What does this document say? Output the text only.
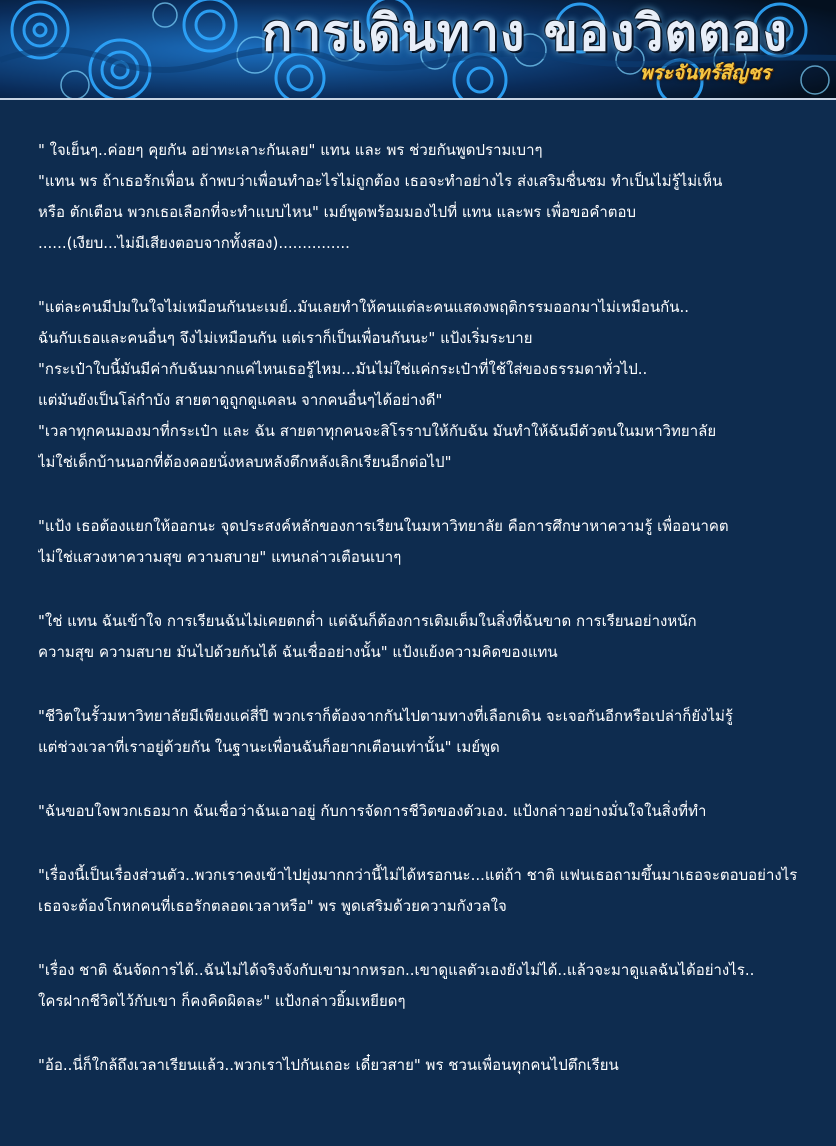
การเดินทาง ของวิตตอง
พระจันทร์สีญชร
" ใจเย็นๆ..ค่อยๆ คุยกัน อย่าทะเลาะกันเลย" แทน และ พร ช่วยกันพูดปรามเบาๆ
"แทน พร ถ้าเธอรักเพื่อน ถ้าพบว่าเพื่อนทำอะไรไม่ถูกต้อง เธอจะทำอย่างไร ส่งเสริมชื่นชม ทำเป็นไม่รู้ไม่เห็น
หรือ ตักเตือน พวกเธอเลือกที่จะทำแบบไหน" เมย์พูดพร้อมมองไปที่ แทน และพร เพื่อขอคำตอบ
......(เงียบ...ไม่มีเสียงตอบจากทั้งสอง)...............
"แต่ละคนมีปมในใจไม่เหมือนกันนะเมย์..มันเลยทำให้คนแต่ละคนแสดงพฤติกรรมออกมาไม่เหมือนกัน..
ฉันกับเธอและคนอื่นๆ จึงไม่เหมือนกัน แต่เราก็เป็นเพื่อนกันนะ" แป้งเริ่มระบาย
"กระเป๋าใบนี้มันมีค่ากับฉันมากแค่ไหนเธอรู้ไหม...มันไม่ใช่แค่กระเป๋าที่ใช้ใส่ของธรรมดาทั่วไป..
แต่มันยังเป็นโล่กำบัง สายตาดูถูกดูแคลน จากคนอื่นๆได้อย่างดี"
"เวลาทุกคนมองมาที่กระเป๋า และ ฉัน สายตาทุกคนจะสิโรราบให้กับฉัน มันทำให้ฉันมีตัวตนในมหาวิทยาลัย
ไม่ใช่เด็กบ้านนอกที่ต้องคอยนั่งหลบหลังตึกหลังเลิกเรียนอีกต่อไป"
"แป้ง เธอต้องแยกให้ออกนะ จุดประสงค์หลักของการเรียนในมหาวิทยาลัย คือการศึกษาหาความรู้ เพื่ออนาคต
ไม่ใช่แสวงหาความสุข ความสบาย" แทนกล่าวเตือนเบาๆ
"ใช่ แทน ฉันเข้าใจ การเรียนฉันไม่เคยตกต่ำ แต่ฉันก็ต้องการเติมเต็มในสิ่งที่ฉันขาด การเรียนอย่างหนัก
ความสุข ความสบาย มันไปด้วยกันได้ ฉันเชื่ออย่างนั้น" แป้งแย้งความคิดของแทน
"ชีวิตในรั้วมหาวิทยาลัยมีเพียงแค่สี่ปี พวกเราก็ต้องจากกันไปตามทางที่เลือกเดิน จะเจอกันอีกหรือเปล่าก็ยังไม่รู้
แต่ช่วงเวลาที่เราอยู่ด้วยกัน ในฐานะเพื่อนฉันก็อยากเตือนเท่านั้น" เมย์พูด
"ฉันขอบใจพวกเธอมาก ฉันเชื่อว่าฉันเอาอยู่ กับการจัดการชีวิตของตัวเอง. แป้งกล่าวอย่างมั่นใจในสิ่งที่ทำ
"เรื่องนี้เป็นเรื่องส่วนตัว..พวกเราคงเข้าไปยุ่งมากกว่านี้ไม่ได้หรอกนะ...แต่ถ้า ชาติ แฟนเธอถามขึ้นมาเธอจะตอบอย่างไร
เธอจะต้องโกหกคนที่เธอรักตลอดเวลาหรือ" พร พูดเสริมด้วยความกังวลใจ
"เรื่อง ชาติ ฉันจัดการได้..ฉันไม่ได้จริงจังกับเขามากหรอก..เขาดูแลตัวเองยังไม่ได้..แล้วจะมาดูแลฉันได้อย่างไร..
ใครฝากชีวิตไว้กับเขา ก็คงคิดผิดละ" แป้งกล่าวยิ้มเหยียดๆ
"อ้อ..นี่ก็ใกล้ถึงเวลาเรียนแล้ว..พวกเราไปกันเถอะ เดี๋ยวสาย" พร ชวนเพื่อนทุกคนไปตึกเรียน
